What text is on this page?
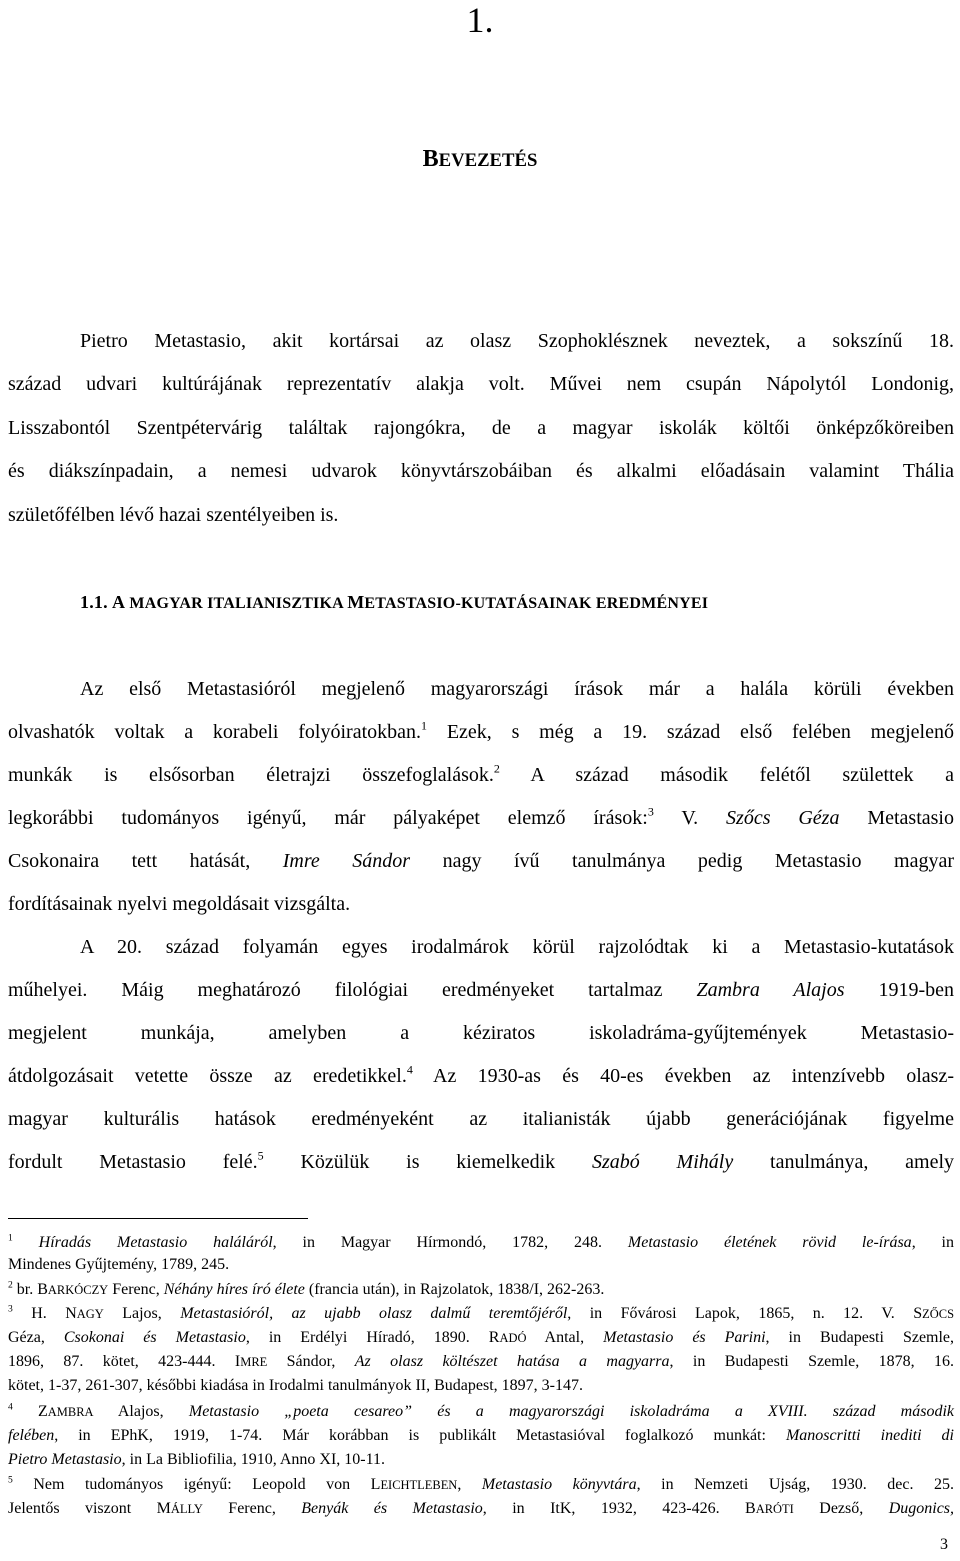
1.
BEVEZETÉS
Pietro Metastasio, akit kortársai az olasz Szophoklésznek neveztek, a sokszínű 18.
század udvari kultúrájának reprezentatív alakja volt. Művei nem csupán Nápolytól Londonig,
Lisszabontól Szentpétervárig találtak rajongókra, de a magyar iskolák költői önképzőköreiben
és diákszínpadain, a nemesi udvarok könyvtárszobáiban és alkalmi előadásain valamint Thália
születőfélben lévő hazai szentélyeiben is.
1.1. A MAGYAR ITALIANISZTIKA METASTASIO-KUTATÁSAINAK EREDMÉNYEI
Az első Metastasióról megjelenő magyarországi írások már a halála körüli években
olvashatók voltak a korabeli folyóiratokban.$^1$ Ezek, s még a 19. század első felében megjelenő
munkák is elsősorban életrajzi összefoglalások.$^2$ A század második felétől születtek a
legkorábbi tudományos igényű, már pályaképet elemző írások:$^3$ V. Szőcs Géza Metastasio
Csokonaira tett hatását, Imre Sándor nagy ívű tanulmánya pedig Metastasio magyar
fordításainak nyelvi megoldásait vizsgálta.
A 20. század folyamán egyes irodalmárok körül rajzolódtak ki a Metastasio-kutatások
műhelyei. Máig meghatározó filológiai eredményeket tartalmaz Zambra Alajos 1919-ben
megjelent munkája, amelyben a kéziratos iskoladráma-gyűjtemények Metastasio-
átdolgozásait vetette össze az eredetikkel.$^4$ Az 1930-as és 40-es években az intenzívebb olasz-
magyar kulturális hatások eredményeként az italianisták újabb generációjának figyelme
fordult Metastasio felé.$^5$ Közülük is kiemelkedik Szabó Mihály tanulmánya, amely
$^1$ Híradás Metastasio haláláról, in Magyar Hírmondó, 1782, 248. Metastasio életének rövid le-írása, in
Mindenes Gyűjtemény, 1789, 245.
$^2$ br. BARKÓCZY Ferenc, Néhány híres író élete (francia után), in Rajzolatok, 1838/I, 262-263.
$^3$ H. NAGY Lajos, Metastasióról, az ujabb olasz dalmű teremtőjéről, in Fővárosi Lapok, 1865, n. 12. V. SZŐCS
Géza, Csokonai és Metastasio, in Erdélyi Híradó, 1890. RADÓ Antal, Metastasio és Parini, in Budapesti Szemle,
1896, 87. kötet, 423-444. IMRE Sándor, Az olasz költészet hatása a magyarra, in Budapesti Szemle, 1878, 16.
kötet, 1-37, 261-307, későbbi kiadása in Irodalmi tanulmányok II, Budapest, 1897, 3-147.
$^4$ ZAMBRA Alajos, Metastasio „poeta cesareo” és a magyarországi iskoladráma a XVIII. század második
felében, in EPhK, 1919, 1-74. Már korábban is publikált Metastasióval foglalkozó munkát: Manoscritti inediti di
Pietro Metastasio, in La Bibliofilia, 1910, Anno XI, 10-11.
$^5$ Nem tudományos igényű: Leopold von LEICHTLEBEN, Metastasio könyvtára, in Nemzeti Ujság, 1930. dec. 25.
Jelentős viszont MÁLLY Ferenc, Benyák és Metastasio, in ItK, 1932, 423-426. BARÓTI Dezső, Dugonics,
3
